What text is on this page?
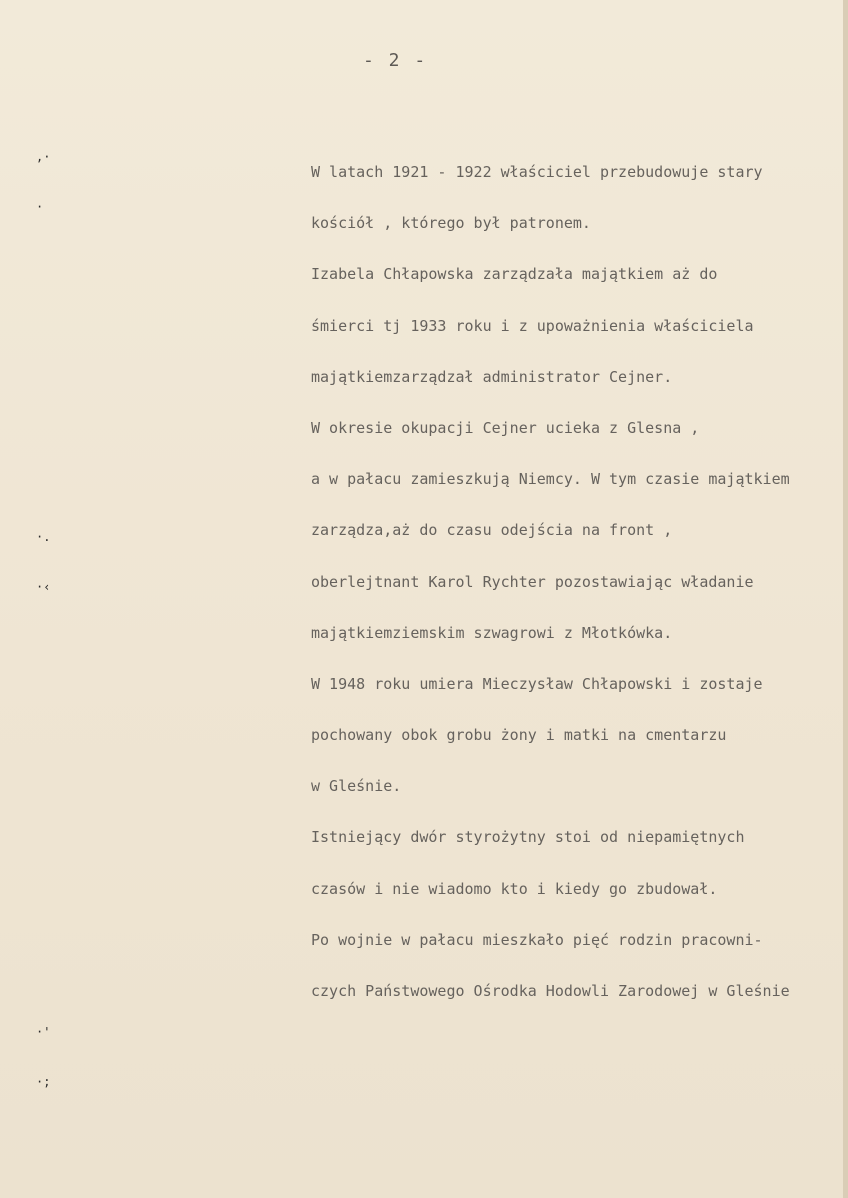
- 2 -
,·
·
·.
·‹
·'
·;
W latach 1921 - 1922 właściciel przebudowuje stary
kościół , którego był patronem.
Izabela Chłapowska zarządzała majątkiem aż do
śmierci tj 1933 roku i z upoważnienia właściciela
majątkiemzarządzał administrator Cejner.
W okresie okupacji Cejner ucieka z Glesna ,
a w pałacu zamieszkują Niemcy. W tym czasie majątkiem
zarządza,aż do czasu odejścia na front ,
oberlejtnant Karol Rychter pozostawiając władanie
majątkiemziemskim szwagrowi z Młotkówka.
W 1948 roku umiera Mieczysław Chłapowski i zostaje
pochowany obok grobu żony i matki na cmentarzu
w Gleśnie.
Istniejący dwór styrożytny stoi od niepamiętnych
czasów i nie wiadomo kto i kiedy go zbudował.
Po wojnie w pałacu mieszkało pięć rodzin pracowni-
czych Państwowego Ośrodka Hodowli Zarodowej w Gleśnie
